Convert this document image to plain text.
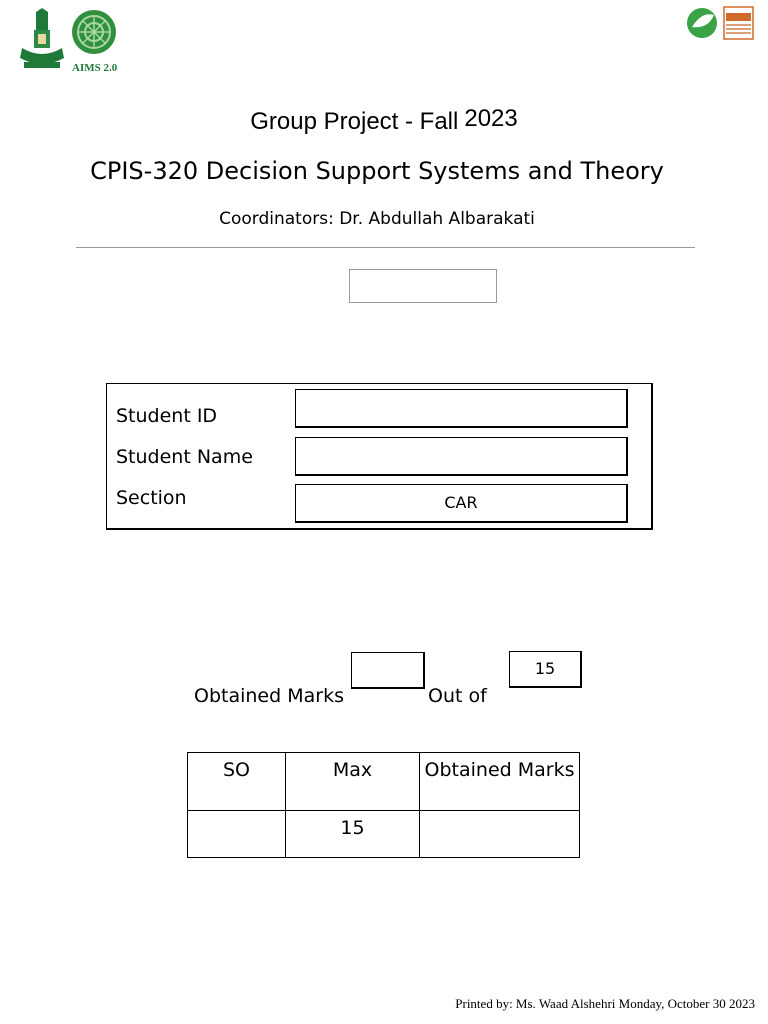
AIMS 2.0
Group Project - Fall 2023
CPIS-320 Decision Support Systems and Theory
Coordinators: Dr. Abdullah Albarakati
Student ID
Student Name
Section	CAR
Obtained Marks	Out of
15
SO	Max	Obtained Marks
	15	
Printed by: Ms. Waad Alshehri Monday, October 30 2023
